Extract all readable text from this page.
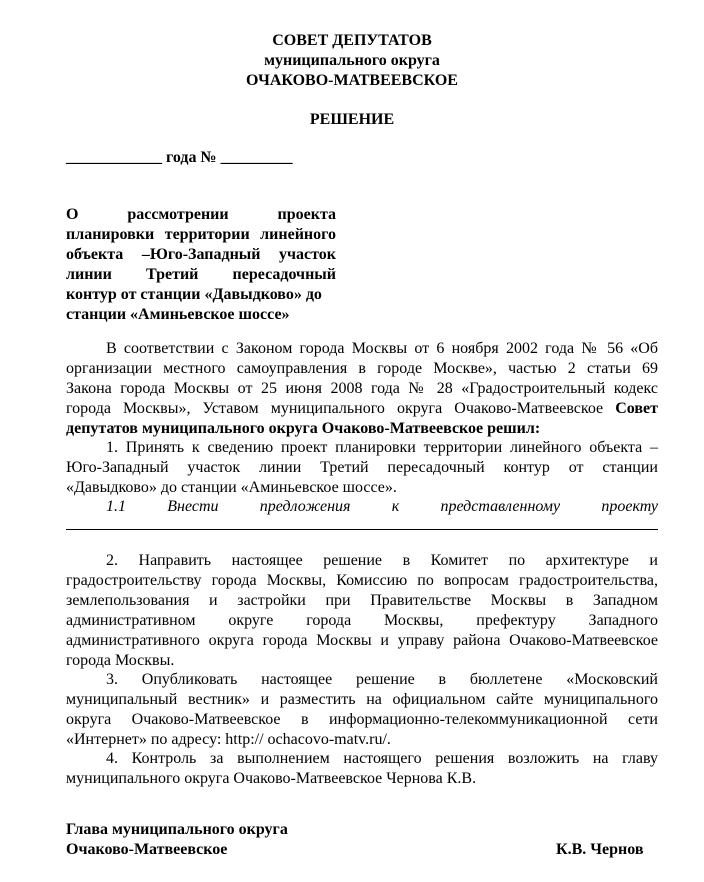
СОВЕТ ДЕПУТАТОВ
муниципального округа
ОЧАКОВО-МАТВЕЕВСКОЕ
РЕШЕНИЕ
____________ года № _________
О рассмотрении проекта
планировки территории линейного
объекта –Юго-Западный участок
линии Третий пересадочный
контур от станции «Давыдково» до
станции «Аминьевское шоссе»
В соответствии с Законом города Москвы от 6 ноября 2002 года № 56 «Об
организации местного самоуправления в городе Москве», частью 2 статьи 69
Закона города Москвы от 25 июня 2008 года № 28 «Градостроительный кодекс
города Москвы», Уставом муниципального округа Очаково-Матвеевское Совет
депутатов муниципального округа Очаково-Матвеевское решил:
1. Принять к сведению проект планировки территории линейного объекта –
Юго-Западный участок линии Третий пересадочный контур от станции
«Давыдково» до станции «Аминьевское шоссе».
1.1 Внести предложения к представленному проекту
2. Направить настоящее решение в Комитет по архитектуре и
градостроительству города Москвы, Комиссию по вопросам градостроительства,
землепользования и застройки при Правительстве Москвы в Западном
административном округе города Москвы, префектуру Западного
административного округа города Москвы и управу района Очаково-Матвеевское
города Москвы.
3. Опубликовать настоящее решение в бюллетене «Московский
муниципальный вестник» и разместить на официальном сайте муниципального
округа Очаково-Матвеевское в информационно-телекоммуникационной сети
«Интернет» по адресу: http:// ochacovo-matv.ru/.
4. Контроль за выполнением настоящего решения возложить на главу
муниципального округа Очаково-Матвеевское Чернова К.В.
Глава муниципального округа
Очаково-Матвеевское	К.В. Чернов
